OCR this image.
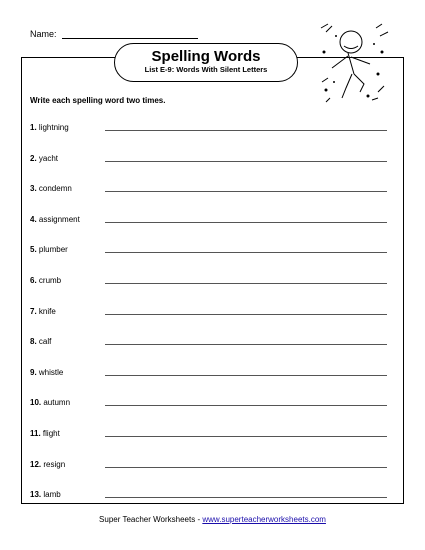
Name:
Spelling Words
List E-9: Words With Silent Letters
Write each spelling word two times.
1. lightning
2. yacht
3. condemn
4. assignment
5. plumber
6. crumb
7. knife
8. calf
9. whistle
10. autumn
11. flight
12. resign
13. lamb
Super Teacher Worksheets - www.superteacherworksheets.com
